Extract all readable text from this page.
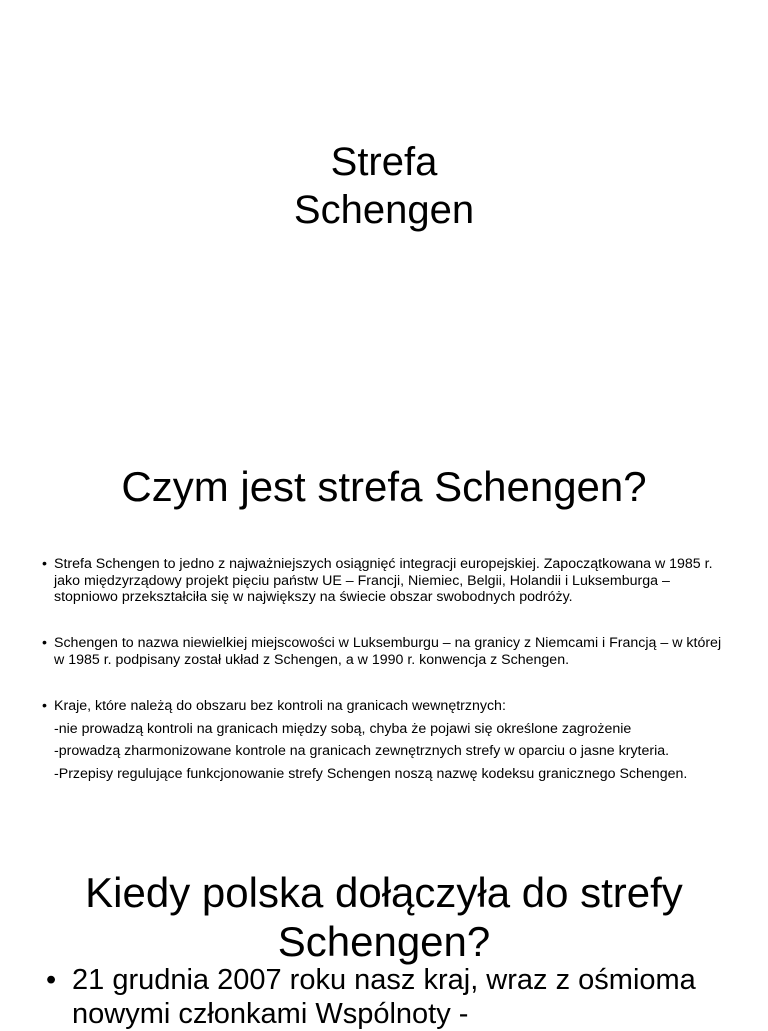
Strefa
Schengen
Czym jest strefa Schengen?
• Strefa Schengen to jedno z najważniejszych osiągnięć integracji europejskiej. Zapoczątkowana w 1985 r. jako międzyrządowy projekt pięciu państw UE – Francji, Niemiec, Belgii, Holandii i Luksemburga – stopniowo przekształciła się w największy na świecie obszar swobodnych podróży.
• Schengen to nazwa niewielkiej miejscowości w Luksemburgu – na granicy z Niemcami i Francją – w której w 1985 r. podpisany został układ z Schengen, a w 1990 r. konwencja z Schengen.
• Kraje, które należą do obszaru bez kontroli na granicach wewnętrznych:
-nie prowadzą kontroli na granicach między sobą, chyba że pojawi się określone zagrożenie
-prowadzą zharmonizowane kontrole na granicach zewnętrznych strefy w oparciu o jasne kryteria.
-Przepisy regulujące funkcjonowanie strefy Schengen noszą nazwę kodeksu granicznego Schengen.
Kiedy polska dołączyła do strefy
Schengen?
• 21 grudnia 2007 roku nasz kraj, wraz z ośmioma nowymi członkami Wspólnoty -
